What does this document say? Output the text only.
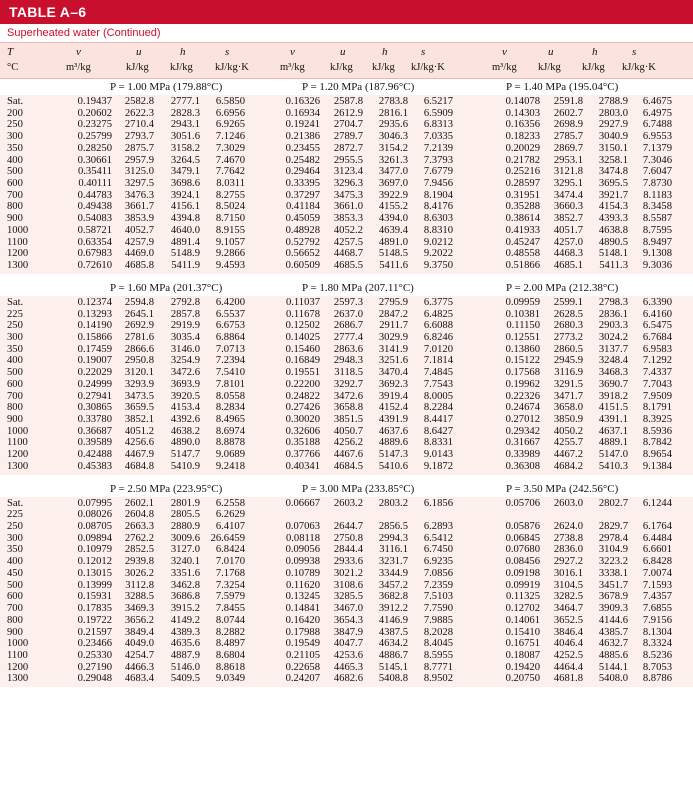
TABLE A–6
Superheated water (Continued)
T	v	u	h	s	v	u	h	s	v	u	h	s
°C	m³/kg	kJ/kg kJ/kg kJ/kg·K	m³/kg kJ/kg kJ/kg kJ/kg·K	m³/kg kJ/kg kJ/kg kJ/kg·K
P = 1.00 MPa (179.88°C)	P = 1.20 MPa (187.96°C)	P = 1.40 MPa (195.04°C)
Sat.	0.19437	2582.8	2777.1	6.5850	0.16326	2587.8	2783.8	6.5217	0.14078	2591.8	2788.9	6.4675
200	0.20602	2622.3	2828.3	6.6956	0.16934	2612.9	2816.1	6.5909	0.14303	2602.7	2803.0	6.4975
250	0.23275	2710.4	2943.1	6.9265	0.19241	2704.7	2935.6	6.8313	0.16356	2698.9	2927.9	6.7488
300	0.25799	2793.7	3051.6	7.1246	0.21386	2789.7	3046.3	7.0335	0.18233	2785.7	3040.9	6.9553
350	0.28250	2875.7	3158.2	7.3029	0.23455	2872.7	3154.2	7.2139	0.20029	2869.7	3150.1	7.1379
400	0.30661	2957.9	3264.5	7.4670	0.25482	2955.5	3261.3	7.3793	0.21782	2953.1	3258.1	7.3046
500	0.35411	3125.0	3479.1	7.7642	0.29464	3123.4	3477.0	7.6779	0.25216	3121.8	3474.8	7.6047
600	0.40111	3297.5	3698.6	8.0311	0.33395	3296.3	3697.0	7.9456	0.28597	3295.1	3695.5	7.8730
700	0.44783	3476.3	3924.1	8.2755	0.37297	3475.3	3922.9	8.1904	0.31951	3474.4	3921.7	8.1183
800	0.49438	3661.7	4156.1	8.5024	0.41184	3661.0	4155.2	8.4176	0.35288	3660.3	4154.3	8.3458
900	0.54083	3853.9	4394.8	8.7150	0.45059	3853.3	4394.0	8.6303	0.38614	3852.7	4393.3	8.5587
1000	0.58721	4052.7	4640.0	8.9155	0.48928	4052.2	4639.4	8.8310	0.41933	4051.7	4638.8	8.7595
1100	0.63354	4257.9	4891.4	9.1057	0.52792	4257.5	4891.0	9.0212	0.45247	4257.0	4890.5	8.9497
1200	0.67983	4469.0	5148.9	9.2866	0.56652	4468.7	5148.5	9.2022	0.48558	4468.3	5148.1	9.1308
1300	0.72610	4685.8	5411.9	9.4593	0.60509	4685.5	5411.6	9.3750	0.51866	4685.1	5411.3	9.3036
P = 1.60 MPa (201.37°C)	P = 1.80 MPa (207.11°C)	P = 2.00 MPa (212.38°C)
Sat.	0.12374	2594.8	2792.8	6.4200	0.11037	2597.3	2795.9	6.3775	0.09959	2599.1	2798.3	6.3390
225	0.13293	2645.1	2857.8	6.5537	0.11678	2637.0	2847.2	6.4825	0.10381	2628.5	2836.1	6.4160
250	0.14190	2692.9	2919.9	6.6753	0.12502	2686.7	2911.7	6.6088	0.11150	2680.3	2903.3	6.5475
300	0.15866	2781.6	3035.4	6.8864	0.14025	2777.4	3029.9	6.8246	0.12551	2773.2	3024.2	6.7684
350	0.17459	2866.6	3146.0	7.0713	0.15460	2863.6	3141.9	7.0120	0.13860	2860.5	3137.7	6.9583
400	0.19007	2950.8	3254.9	7.2394	0.16849	2948.3	3251.6	7.1814	0.15122	2945.9	3248.4	7.1292
500	0.22029	3120.1	3472.6	7.5410	0.19551	3118.5	3470.4	7.4845	0.17568	3116.9	3468.3	7.4337
600	0.24999	3293.9	3693.9	7.8101	0.22200	3292.7	3692.3	7.7543	0.19962	3291.5	3690.7	7.7043
700	0.27941	3473.5	3920.5	8.0558	0.24822	3472.6	3919.4	8.0005	0.22326	3471.7	3918.2	7.9509
800	0.30865	3659.5	4153.4	8.2834	0.27426	3658.8	4152.4	8.2284	0.24674	3658.0	4151.5	8.1791
900	0.33780	3852.1	4392.6	8.4965	0.30020	3851.5	4391.9	8.4417	0.27012	3850.9	4391.1	8.3925
1000	0.36687	4051.2	4638.2	8.6974	0.32606	4050.7	4637.6	8.6427	0.29342	4050.2	4637.1	8.5936
1100	0.39589	4256.6	4890.0	8.8878	0.35188	4256.2	4889.6	8.8331	0.31667	4255.7	4889.1	8.7842
1200	0.42488	4467.9	5147.7	9.0689	0.37766	4467.6	5147.3	9.0143	0.33989	4467.2	5147.0	8.9654
1300	0.45383	4684.8	5410.9	9.2418	0.40341	4684.5	5410.6	9.1872	0.36308	4684.2	5410.3	9.1384
P = 2.50 MPa (223.95°C)	P = 3.00 MPa (233.85°C)	P = 3.50 MPa (242.56°C)
Sat.	0.07995	2602.1	2801.9	6.2558	0.06667	2603.2	2803.2	6.1856	0.05706	2603.0	2802.7	6.1244
225	0.08026	2604.8	2805.5	6.2629
250	0.08705	2663.3	2880.9	6.4107	0.07063	2644.7	2856.5	6.2893	0.05876	2624.0	2829.7	6.1764
300	0.09894	2762.2	3009.6 26.6459	0.08118	2750.8	2994.3	6.5412	0.06845	2738.8	2978.4	6.4484
350	0.10979	2852.5	3127.0	6.8424	0.09056	2844.4	3116.1	6.7450	0.07680	2836.0	3104.9	6.6601
400	0.12012	2939.8	3240.1	7.0170	0.09938	2933.6	3231.7	6.9235	0.08456	2927.2	3223.2	6.8428
450	0.13015	3026.2	3351.6	7.1768	0.10789	3021.2	3344.9	7.0856	0.09198	3016.1	3338.1	7.0074
500	0.13999	3112.8	3462.8	7.3254	0.11620	3108.6	3457.2	7.2359	0.09919	3104.5	3451.7	7.1593
600	0.15931	3288.5	3686.8	7.5979	0.13245	3285.5	3682.8	7.5103	0.11325	3282.5	3678.9	7.4357
700	0.17835	3469.3	3915.2	7.8455	0.14841	3467.0	3912.2	7.7590	0.12702	3464.7	3909.3	7.6855
800	0.19722	3656.2	4149.2	8.0744	0.16420	3654.3	4146.9	7.9885	0.14061	3652.5	4144.6	7.9156
900	0.21597	3849.4	4389.3	8.2882	0.17988	3847.9	4387.5	8.2028	0.15410	3846.4	4385.7	8.1304
1000	0.23466	4049.0	4635.6	8.4897	0.19549	4047.7	4634.2	8.4045	0.16751	4046.4	4632.7	8.3324
1100	0.25330	4254.7	4887.9	8.6804	0.21105	4253.6	4886.7	8.5955	0.18087	4252.5	4885.6	8.5236
1200	0.27190	4466.3	5146.0	8.8618	0.22658	4465.3	5145.1	8.7771	0.19420	4464.4	5144.1	8.7053
1300	0.29048	4683.4	5409.5	9.0349	0.24207	4682.6	5408.8	8.9502	0.20750	4681.8	5408.0	8.8786
